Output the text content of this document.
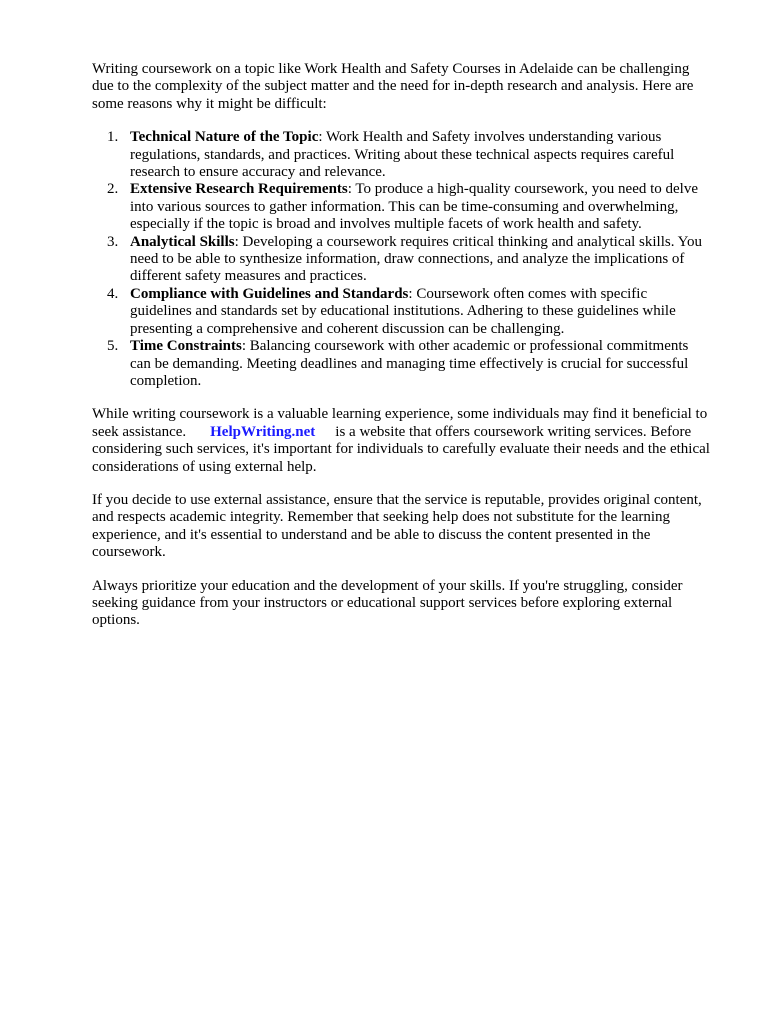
Writing coursework on a topic like Work Health and Safety Courses in Adelaide can be challenging due to the complexity of the subject matter and the need for in-depth research and analysis. Here are some reasons why it might be difficult:

1. Technical Nature of the Topic: Work Health and Safety involves understanding various regulations, standards, and practices. Writing about these technical aspects requires careful research to ensure accuracy and relevance.
2. Extensive Research Requirements: To produce a high-quality coursework, you need to delve into various sources to gather information. This can be time-consuming and overwhelming, especially if the topic is broad and involves multiple facets of work health and safety.
3. Analytical Skills: Developing a coursework requires critical thinking and analytical skills. You need to be able to synthesize information, draw connections, and analyze the implications of different safety measures and practices.
4. Compliance with Guidelines and Standards: Coursework often comes with specific guidelines and standards set by educational institutions. Adhering to these guidelines while presenting a comprehensive and coherent discussion can be challenging.
5. Time Constraints: Balancing coursework with other academic or professional commitments can be demanding. Meeting deadlines and managing time effectively is crucial for successful completion.

While writing coursework is a valuable learning experience, some individuals may find it beneficial to seek assistance. HelpWriting.net is a website that offers coursework writing services. Before considering such services, it's important for individuals to carefully evaluate their needs and the ethical considerations of using external help.

If you decide to use external assistance, ensure that the service is reputable, provides original content, and respects academic integrity. Remember that seeking help does not substitute for the learning experience, and it's essential to understand and be able to discuss the content presented in the coursework.

Always prioritize your education and the development of your skills. If you're struggling, consider seeking guidance from your instructors or educational support services before exploring external options.
